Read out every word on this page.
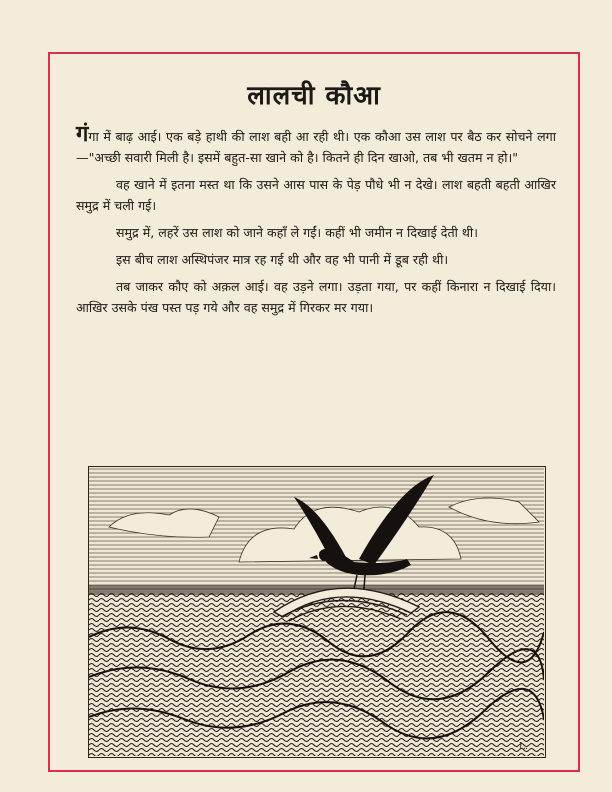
लालची कौआ

गंगा में बाढ़ आई। एक बड़े हाथी की लाश बही आ रही थी। एक कौआ उस लाश पर बैठ कर सोचने लगा—"अच्छी सवारी मिली है। इसमें बहुत-सा खाने को है। कितने ही दिन खाओ, तब भी खतम न हो।"

वह खाने में इतना मस्त था कि उसने आस पास के पेड़ पौधे भी न देखे। लाश बहती बहती आखिर समुद्र में चली गई।

समुद्र में, लहरें उस लाश को जाने कहाँ ले गईं। कहीं भी जमीन न दिखाई देती थी।

इस बीच लाश अस्थिपंजर मात्र रह गई थी और वह भी पानी में डूब रही थी।

तब जाकर कौए को अक़ल आई। वह उड़ने लगा। उड़ता गया, पर कहीं किनारा न दिखाई दिया। आखिर उसके पंख पस्त पड़ गये और वह समुद्र में गिरकर मर गया।

L.
